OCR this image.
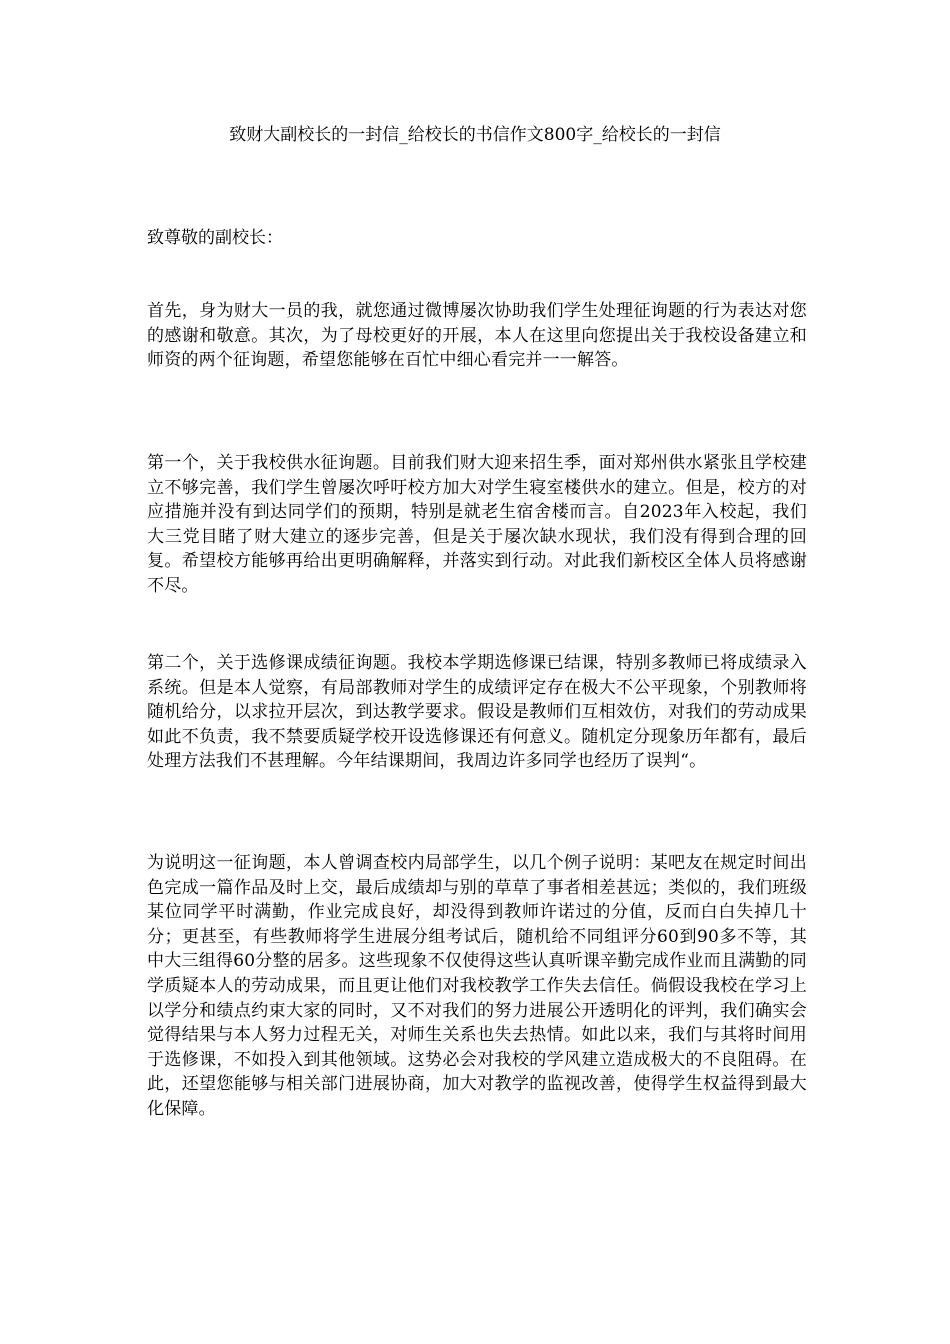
致财大副校长的一封信_给校长的书信作文800字_给校长的一封信

致尊敬的副校长：

首先，身为财大一员的我，就您通过微博屡次协助我们学生处理征询题的行为表达对您的感谢和敬意。其次，为了母校更好的开展，本人在这里向您提出关于我校设备建立和师资的两个征询题，希望您能够在百忙中细心看完并一一解答。

第一个，关于我校供水征询题。目前我们财大迎来招生季，面对郑州供水紧张且学校建立不够完善，我们学生曾屡次呼吁校方加大对学生寝室楼供水的建立。但是，校方的对应措施并没有到达同学们的预期，特别是就老生宿舍楼而言。自2023年入校起，我们大三党目睹了财大建立的逐步完善，但是关于屡次缺水现状，我们没有得到合理的回复。希望校方能够再给出更明确解释，并落实到行动。对此我们新校区全体人员将感谢不尽。

第二个，关于选修课成绩征询题。我校本学期选修课已结课，特别多教师已将成绩录入系统。但是本人觉察，有局部教师对学生的成绩评定存在极大不公平现象，个别教师将随机给分，以求拉开层次，到达教学要求。假设是教师们互相效仿，对我们的劳动成果如此不负责，我不禁要质疑学校开设选修课还有何意义。随机定分现象历年都有，最后处理方法我们不甚理解。今年结课期间，我周边许多同学也经历了误判“。

为说明这一征询题，本人曾调查校内局部学生，以几个例子说明：某吧友在规定时间出色完成一篇作品及时上交，最后成绩却与别的草草了事者相差甚远；类似的，我们班级某位同学平时满勤，作业完成良好，却没得到教师许诺过的分值，反而白白失掉几十分；更甚至，有些教师将学生进展分组考试后，随机给不同组评分60到90多不等，其中大三组得60分整的居多。这些现象不仅使得这些认真听课辛勤完成作业而且满勤的同学质疑本人的劳动成果，而且更让他们对我校教学工作失去信任。倘假设我校在学习上以学分和绩点约束大家的同时，又不对我们的努力进展公开透明化的评判，我们确实会觉得结果与本人努力过程无关，对师生关系也失去热情。如此以来，我们与其将时间用于选修课，不如投入到其他领域。这势必会对我校的学风建立造成极大的不良阻碍。在此，还望您能够与相关部门进展协商，加大对教学的监视改善，使得学生权益得到最大化保障。
